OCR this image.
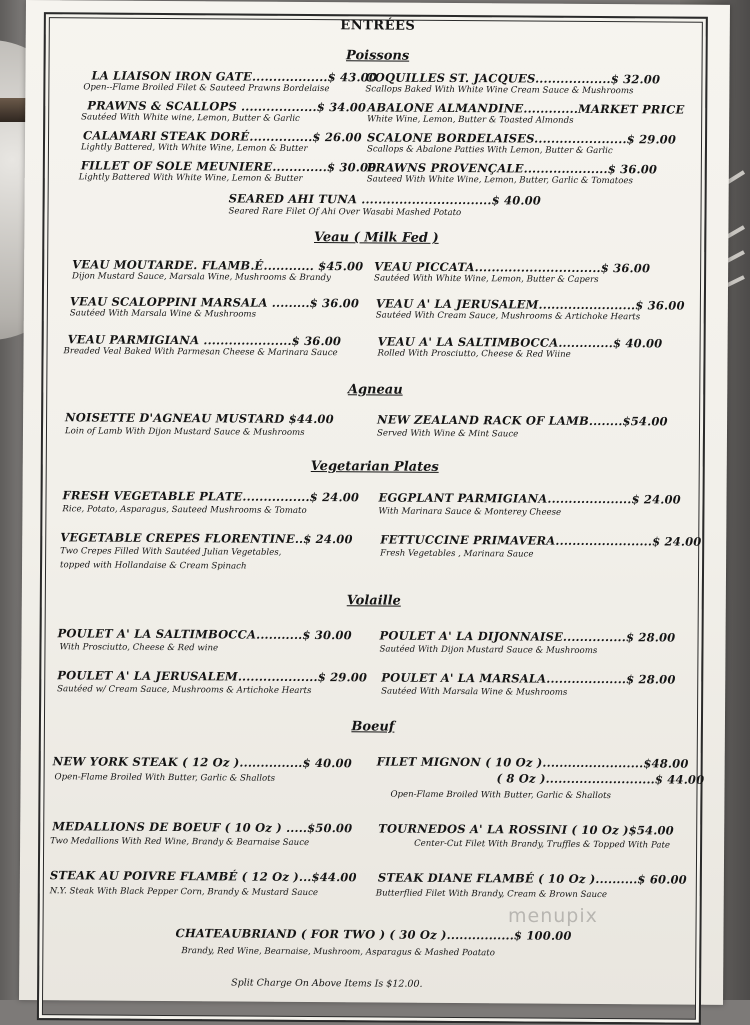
ENTRÉES
Poissons
LA LIAISON IRON GATE..................$ 43.00
Open--Flame Broiled Filet & Sauteed Prawns Bordelaise
COQUILLES ST. JACQUES..................$ 32.00
Scallops Baked With White Wine Cream Sauce & Mushrooms
PRAWNS & SCALLOPS ..................$ 34.00
Sautéed With White wine, Lemon, Butter & Garlic
ABALONE ALMANDINE.............MARKET PRICE
White Wine, Lemon, Butter & Toasted Almonds
CALAMARI STEAK DORÉ...............$ 26.00
Lightly Battered, With White Wine, Lemon & Butter
SCALONE BORDELAISES......................$ 29.00
Scallops & Abalone Patties With Lemon, Butter & Garlic
FILLET OF SOLE MEUNIERE.............$ 30.00
Lightly Battered With White Wine, Lemon & Butter
PRAWNS PROVENÇALE....................$ 36.00
Sauteed With White Wine, Lemon, Butter, Garlic & Tomatoes
SEARED AHI TUNA ...............................$ 40.00
Seared Rare Filet Of Ahi Over Wasabi Mashed Potato
Veau ( Milk Fed )
VEAU MOUTARDE. FLAMB.É............ $45.00
Dijon Mustard Sauce, Marsala Wine, Mushrooms & Brandy
VEAU PICCATA..............................$ 36.00
Sautéed With White Wine, Lemon, Butter & Capers
VEAU SCALOPPINI MARSALA .........$ 36.00
Sautéed With Marsala Wine & Mushrooms
VEAU A' LA JERUSALEM.......................$ 36.00
Sautéed With Cream Sauce, Mushrooms & Artichoke Hearts
VEAU PARMIGIANA .....................$ 36.00
Breaded Veal Baked With Parmesan Cheese & Marinara Sauce
VEAU A' LA SALTIMBOCCA.............$ 40.00
Rolled With Prosciutto, Cheese & Red Wiine
Agneau
NOISETTE D'AGNEAU MUSTARD $44.00
Loin of Lamb With Dijon Mustard Sauce & Mushrooms
NEW ZEALAND RACK OF LAMB........$54.00
Served With Wine & Mint Sauce
Vegetarian Plates
FRESH VEGETABLE PLATE................$ 24.00
Rice, Potato, Asparagus, Sauteed Mushrooms & Tomato
EGGPLANT PARMIGIANA....................$ 24.00
With Marinara Sauce & Monterey Cheese
VEGETABLE CREPES FLORENTINE..$ 24.00
Two Crepes Filled With Sautéed Julian Vegetables,
topped with Hollandaise & Cream Spinach
FETTUCCINE PRIMAVERA.......................$ 24.00
Fresh Vegetables , Marinara Sauce
Volaille
POULET A' LA SALTIMBOCCA...........$ 30.00
With Prosciutto, Cheese & Red wine
POULET A' LA DIJONNAISE...............$ 28.00
Sautéed With Dijon Mustard Sauce & Mushrooms
POULET A' LA JERUSALEM...................$ 29.00
Sautéed w/ Cream Sauce, Mushrooms & Artichoke Hearts
POULET A' LA MARSALA...................$ 28.00
Sautéed With Marsala Wine & Mushrooms
Boeuf
NEW YORK STEAK ( 12 Oz )...............$ 40.00
Open-Flame Broiled With Butter, Garlic & Shallots
FILET MIGNON ( 10 Oz )........................$48.00
( 8 Oz )..........................$ 44.00
Open-Flame Broiled With Butter, Garlic & Shallots
MEDALLIONS DE BOEUF ( 10 Oz ) .....$50.00
Two Medallions With Red Wine, Brandy & Bearnaise Sauce
TOURNEDOS A' LA ROSSINI ( 10 Oz )$54.00
Center-Cut Filet With Brandy, Truffles & Topped With Pate
STEAK AU POIVRE FLAMBÉ ( 12 Oz )...$44.00
N.Y. Steak With Black Pepper Corn, Brandy & Mustard Sauce
STEAK DIANE FLAMBÉ ( 10 Oz )..........$ 60.00
Butterflied Filet With Brandy, Cream & Brown Sauce
CHATEAUBRIAND ( FOR TWO ) ( 30 Oz )................$ 100.00
Brandy, Red Wine, Bearnaise, Mushroom, Asparagus & Mashed Poatato
Split Charge On Above Items Is $12.00.
menupix
